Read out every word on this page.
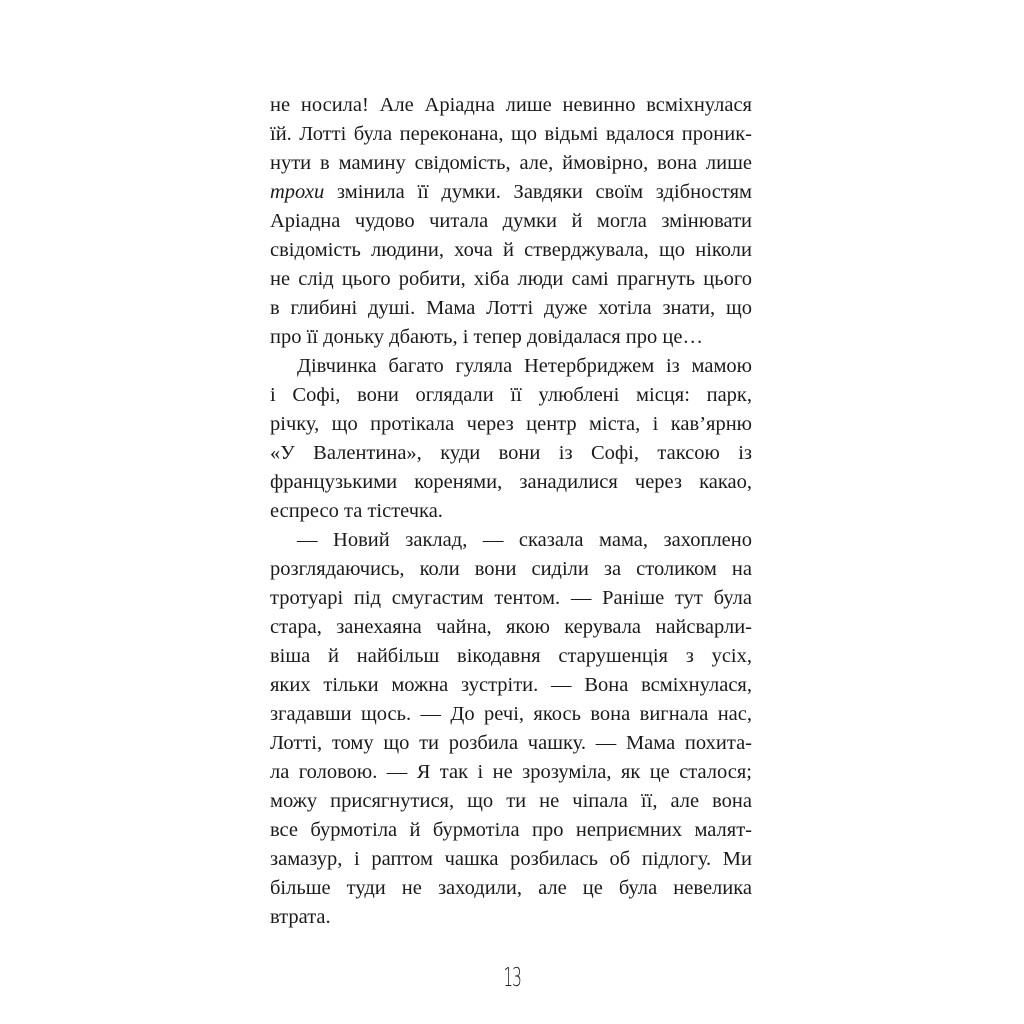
не носила! Але Аріадна лише невинно всміхнулася
їй. Лотті була переконана, що відьмі вдалося проник-
нути в мамину свідомість, але, ймовірно, вона лише
трохи змінила її думки. Завдяки своїм здібностям
Аріадна чудово читала думки й могла змінювати
свідомість людини, хоча й стверджувала, що ніколи
не слід цього робити, хіба люди самі прагнуть цього
в глибині душі. Мама Лотті дуже хотіла знати, що
про її доньку дбають, і тепер довідалася про це…
Дівчинка багато гуляла Нетербриджем із мамою
і Софі, вони оглядали її улюблені місця: парк,
річку, що протікала через центр міста, і кав’ярню
«У Валентина», куди вони із Софі, таксою із
французькими коренями, занадилися через какао,
еспресо та тістечка.
— Новий заклад, — сказала мама, захоплено
розглядаючись, коли вони сиділи за столиком на
тротуарі під смугастим тентом. — Раніше тут була
стара, занехаяна чайна, якою керувала найсварли-
віша й найбільш вікодавня старушенція з усіх,
яких тільки можна зустріти. — Вона всміхнулася,
згадавши щось. — До речі, якось вона вигнала нас,
Лотті, тому що ти розбила чашку. — Мама похита-
ла головою. — Я так і не зрозуміла, як це сталося;
можу присягнутися, що ти не чіпала її, але вона
все бурмотіла й бурмотіла про неприємних малят-
замазур, і раптом чашка розбилась об підлогу. Ми
більше туди не заходили, але це була невелика
втрата.
13
